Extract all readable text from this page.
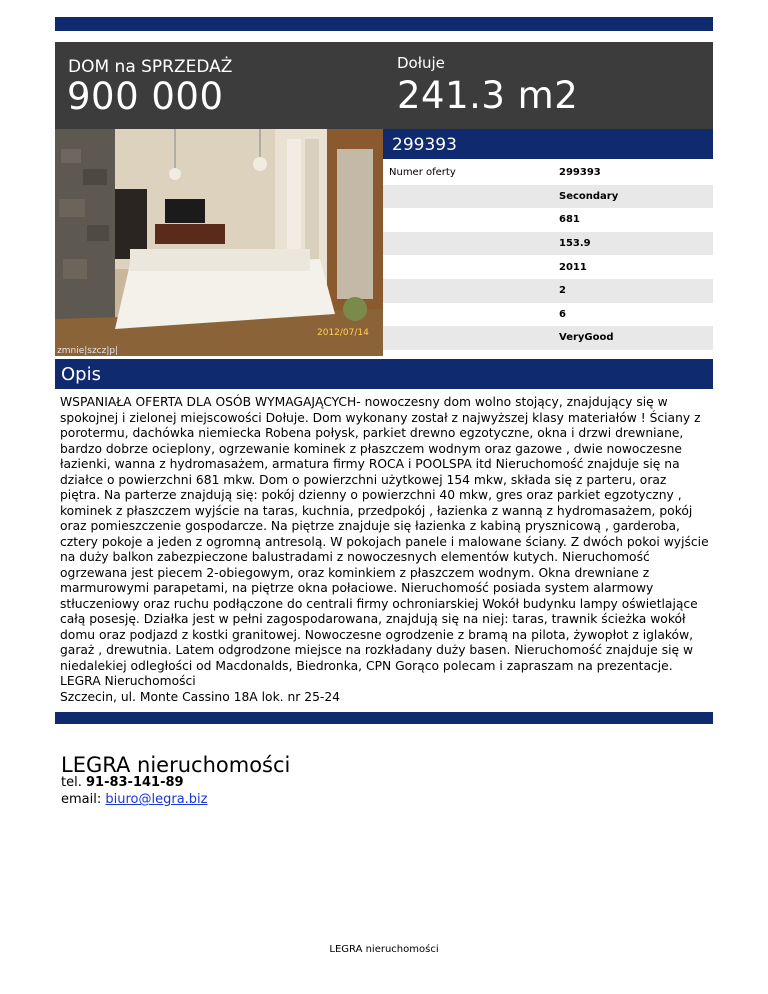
DOM na SPRZEDAŻ
900 000
Dołuje
241.3 m2
2012/07/14
zmnie|szcz|p|
299393
Numer oferty	299393
Secondary
681
153.9
2011
2
6
VeryGood
Opis

WSPANIAŁA OFERTA DLA OSÓB WYMAGAJĄCYCH- nowoczesny dom wolno stojący, znajdujący się w spokojnej i zielonej miejscowości Dołuje. Dom wykonany został z najwyższej klasy materiałów ! Ściany z porotermu, dachówka niemiecka Robena połysk, parkiet drewno egzotyczne, okna i drzwi drewniane, bardzo dobrze ocieplony, ogrzewanie kominek z płaszczem wodnym oraz gazowe , dwie nowoczesne łazienki, wanna z hydromasażem, armatura firmy ROCA i POOLSPA itd Nieruchomość znajduje się na działce o powierzchni 681 mkw. Dom o powierzchni użytkowej 154 mkw, składa się z parteru, oraz piętra. Na parterze znajdują się: pokój dzienny o powierzchni 40 mkw, gres oraz parkiet egzotyczny , kominek z płaszczem wyjście na taras, kuchnia, przedpokój , łazienka z wanną z hydromasażem, pokój oraz pomieszczenie gospodarcze. Na piętrze znajduje się łazienka z kabiną prysznicową , garderoba, cztery pokoje a jeden z ogromną antresolą. W pokojach panele i malowane ściany. Z dwóch pokoi wyjście na duży balkon zabezpieczone balustradami z nowoczesnych elementów kutych. Nieruchomość ogrzewana jest piecem 2-obiegowym, oraz kominkiem z płaszczem wodnym. Okna drewniane z marmurowymi parapetami, na piętrze okna połaciowe. Nieruchomość posiada system alarmowy stłuczeniowy oraz ruchu podłączone do centrali firmy ochroniarskiej Wokół budynku lampy oświetlające całą posesję. Działka jest w pełni zagospodarowana, znajdują się na niej: taras, trawnik ścieżka wokół domu oraz podjazd z kostki granitowej. Nowoczesne ogrodzenie z bramą na pilota, żywopłot z iglaków, garaż , drewutnia. Latem odgrodzone miejsce na rozkładany duży basen. Nieruchomość znajduje się w niedalekiej odległości od Macdonalds, Biedronka, CPN Gorąco polecam i zapraszam na prezentacje.

LEGRA Nieruchomości

Szczecin, ul. Monte Cassino 18A lok. nr 25-24

LEGRA nieruchomości
tel. 91-83-141-89
email: biuro@legra.biz
LEGRA nieruchomości
